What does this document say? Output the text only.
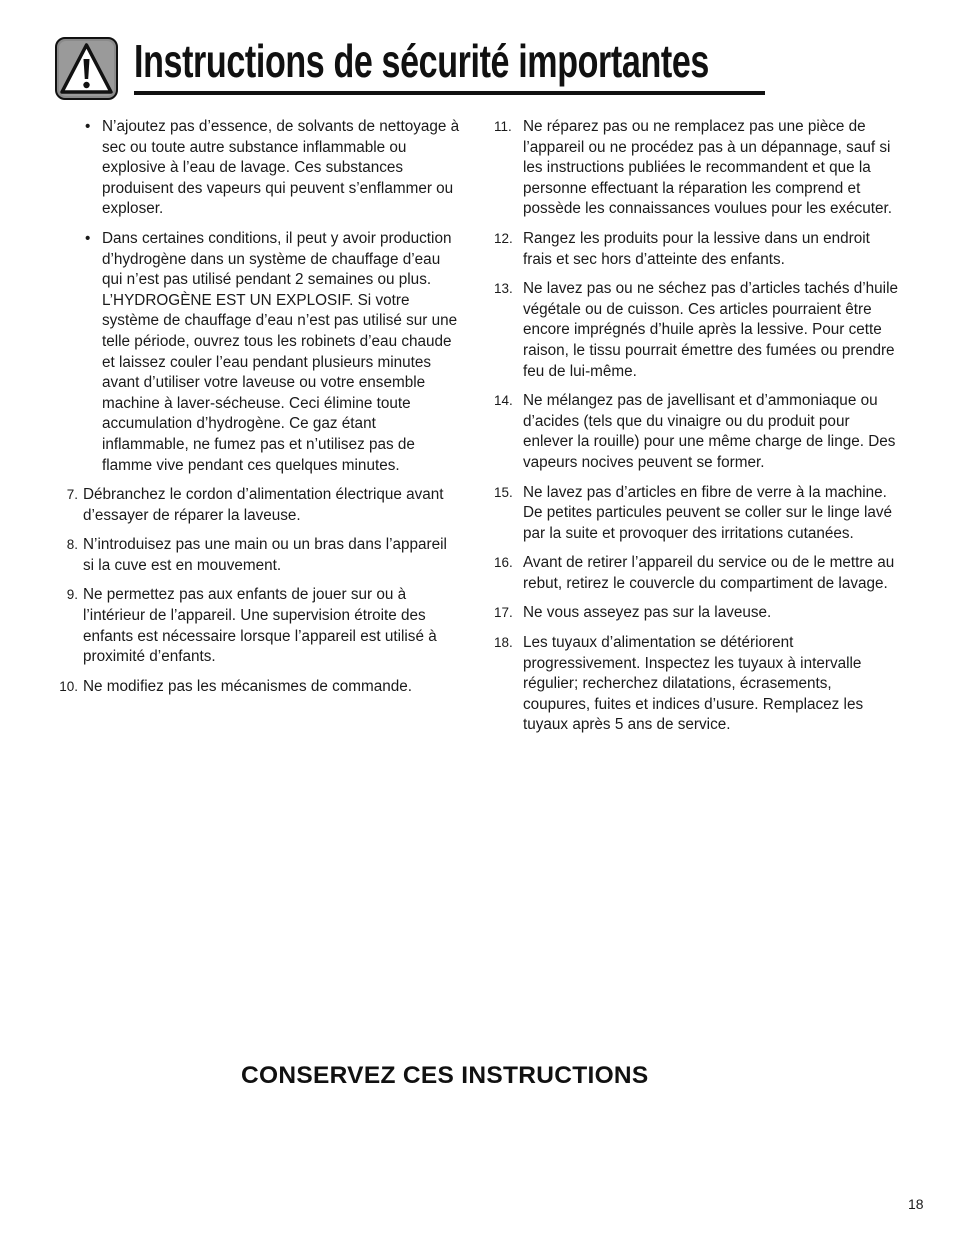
Instructions de sécurité importantes
• N’ajoutez pas d’essence, de solvants de nettoyage à sec ou toute autre substance inflammable ou explosive à l’eau de lavage. Ces substances produisent des vapeurs qui peuvent s’enflammer ou exploser.
• Dans certaines conditions, il peut y avoir production d’hydrogène dans un système de chauffage d’eau qui n’est pas utilisé pendant 2 semaines ou plus. L’HYDROGÈNE EST UN EXPLOSIF. Si votre système de chauffage d’eau n’est pas utilisé sur une telle période, ouvrez tous les robinets d’eau chaude et laissez couler l’eau pendant plusieurs minutes avant d’utiliser votre laveuse ou votre ensemble machine à laver-sécheuse. Ceci élimine toute accumulation d’hydrogène. Ce gaz étant inflammable, ne fumez pas et n’utilisez pas de flamme vive pendant ces quelques minutes.
7. Débranchez le cordon d’alimentation électrique avant d’essayer de réparer la laveuse.
8. N’introduisez pas une main ou un bras dans l’appareil si la cuve est en mouvement.
9. Ne permettez pas aux enfants de jouer sur ou à l’intérieur de l’appareil. Une supervision étroite des enfants est nécessaire lorsque l’appareil est utilisé à proximité d’enfants.
10. Ne modifiez pas les mécanismes de commande.
11. Ne réparez pas ou ne remplacez pas une pièce de l’appareil ou ne procédez pas à un dépannage, sauf si les instructions publiées le recommandent et que la personne effectuant la réparation les comprend et possède les connaissances voulues pour les exécuter.
12. Rangez les produits pour la lessive dans un endroit frais et sec hors d’atteinte des enfants.
13. Ne lavez pas ou ne séchez pas d’articles tachés d’huile végétale ou de cuisson. Ces articles pourraient être encore imprégnés d’huile après la lessive. Pour cette raison, le tissu pourrait émettre des fumées ou prendre feu de lui-même.
14. Ne mélangez pas de javellisant et d’ammoniaque ou d’acides (tels que du vinaigre ou du produit pour enlever la rouille) pour une même charge de linge. Des vapeurs nocives peuvent se former.
15. Ne lavez pas d’articles en fibre de verre à la machine. De petites particules peuvent se coller sur le linge lavé par la suite et provoquer des irritations cutanées.
16. Avant de retirer l’appareil du service ou de le mettre au rebut, retirez le couvercle du compartiment de lavage.
17. Ne vous asseyez pas sur la laveuse.
18. Les tuyaux d’alimentation se détériorent progressivement. Inspectez les tuyaux à intervalle régulier; recherchez dilatations, écrasements, coupures, fuites et indices d’usure. Remplacez les tuyaux après 5 ans de service.
CONSERVEZ CES INSTRUCTIONS
18
